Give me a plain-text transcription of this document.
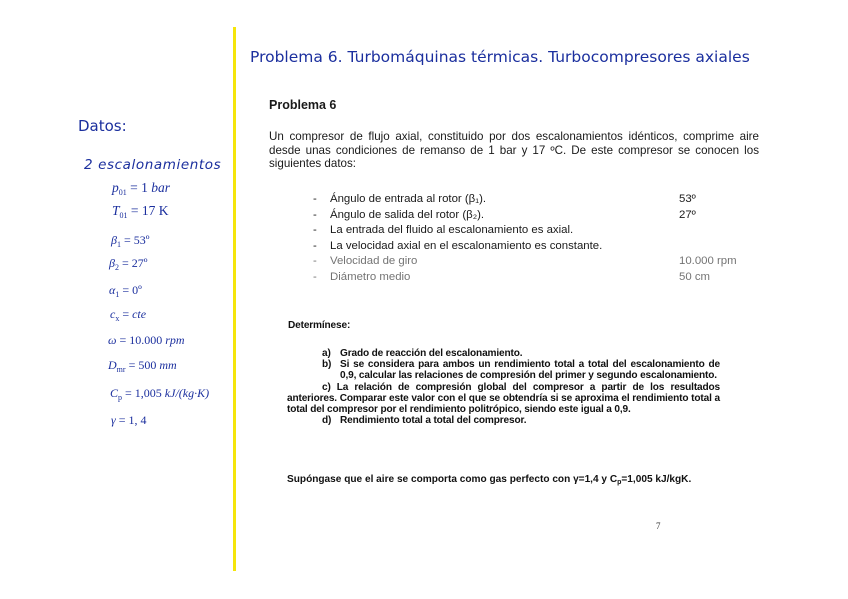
Problema 6. Turbomáquinas térmicas. Turbocompresores axiales
Datos:
2 escalonamientos
$p_{01} = 1$ bar
$T_{01} = 17$ K
$\beta_1$ = 53º
$\beta_2$ = 27º
$\alpha_1$ = 0º
$c_x$ = cte
ω = 10.000 rpm
$D_{mr} = 500$ mm
$C_p = 1,005$ kJ/(kg·K)
γ = 1, 4
Problema 6

Un compresor de flujo axial, constituido por dos escalonamientos idénticos, comprime aire desde unas condiciones de remanso de 1 bar y 17 ºC. De este compresor se conocen los siguientes datos:

- Ángulo de entrada al rotor (β₁).	53º
- Ángulo de salida del rotor (β₂).	27º
- La entrada del fluido al escalonamiento es axial.
- La velocidad axial en el escalonamiento es constante.
- Velocidad de giro	10.000 rpm
- Diámetro medio	50 cm
Determínese:
a) Grado de reacción del escalonamiento.
b) Si se considera para ambos un rendimiento total a total del escalonamiento de 0,9, calcular las relaciones de compresión del primer y segundo escalonamiento.
c) La relación de compresión global del compresor a partir de los resultados anteriores. Comparar este valor con el que se obtendría si se aproxima el rendimiento total a total del compresor por el rendimiento politrópico, siendo este igual a 0,9.
d) Rendimiento total a total del compresor.
Supóngase que el aire se comporta como gas perfecto con γ=1,4 y $C_p=1,005$ kJ/kgK.
7
